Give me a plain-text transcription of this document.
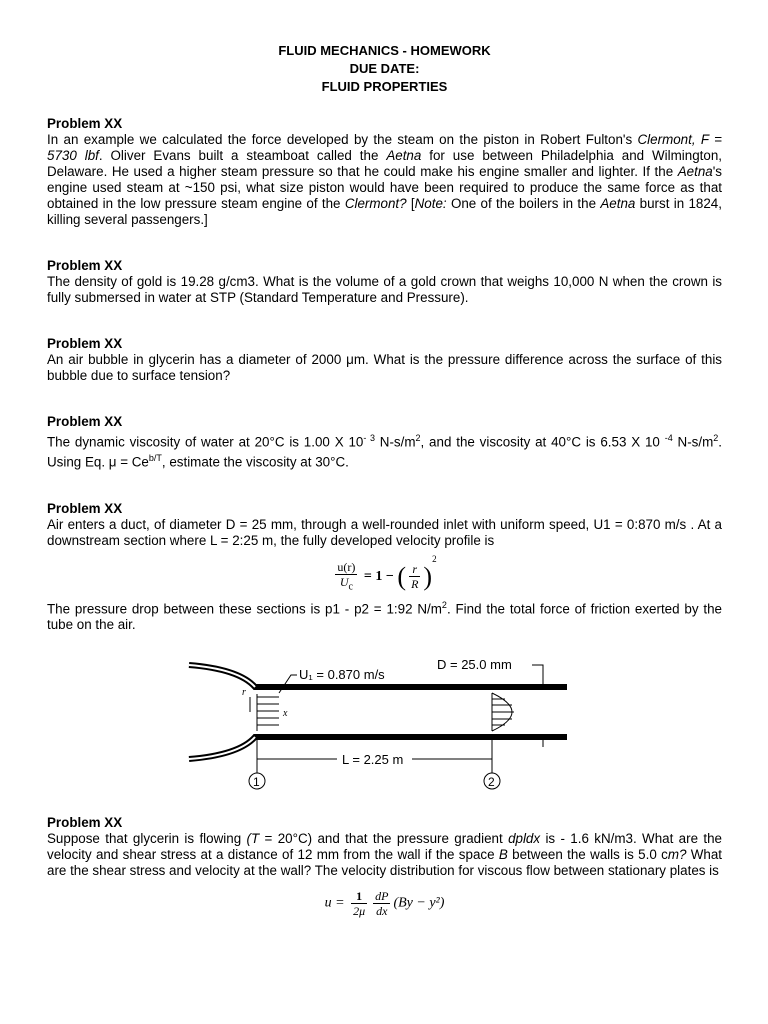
FLUID MECHANICS - HOMEWORK
DUE DATE:
FLUID PROPERTIES
Problem XX
In an example we calculated the force developed by the steam on the piston in Robert Fulton's Clermont, F = 5730 lbf. Oliver Evans built a steamboat called the Aetna for use between Philadelphia and Wilmington, Delaware. He used a higher steam pressure so that he could make his engine smaller and lighter. If the Aetna's engine used steam at ~150 psi, what size piston would have been required to produce the same force as that obtained in the low pressure steam engine of the Clermont? [Note: One of the boilers in the Aetna burst in 1824, killing several passengers.]
Problem XX
The density of gold is 19.28 g/cm3. What is the volume of a gold crown that weighs 10,000 N when the crown is fully submersed in water at STP (Standard Temperature and Pressure).
Problem XX
An air bubble in glycerin has a diameter of 2000 μm. What is the pressure difference across the surface of this bubble due to surface tension?
Problem XX
The dynamic viscosity of water at 20°C is 1.00 X $10^{- 3}$ $N-s/m^2$, and the viscosity at 40°C is 6.53 X 10 $^{-4}$ $N-s/m^2$. Using Eq. $\mu = Ce^{b/T}$, estimate the viscosity at 30°C.
Problem XX
Air enters a duct, of diameter D = 25 mm, through a well-rounded inlet with uniform speed, U1 = 0:870 m/s . At a downstream section where L = 2:25 m, the fully developed velocity profile is
$\frac{u(r)}{U_c} = 1$ − ( $\frac{r}{R} )^2$
The pressure drop between these sections is p1 - p2 = 1:92 $N/m^2$. Find the total force of friction exerted by the tube on the air.
r
x
U₁ = 0.870 m/s
D = 25.0 mm
L = 2.25 m
1	2
Problem XX
Suppose that glycerin is flowing (T = 20°C) and that the pressure gradient dpldx is - 1.6 kN/m3. What are the velocity and shear stress at a distance of 12 mm from the wall if the space B between the walls is 5.0 cm? What are the shear stress and velocity at the wall? The velocity distribution for viscous flow between stationary plates is
$u = \frac{1}{2\mu} \frac{dP}{dx} (By - y^2)$
